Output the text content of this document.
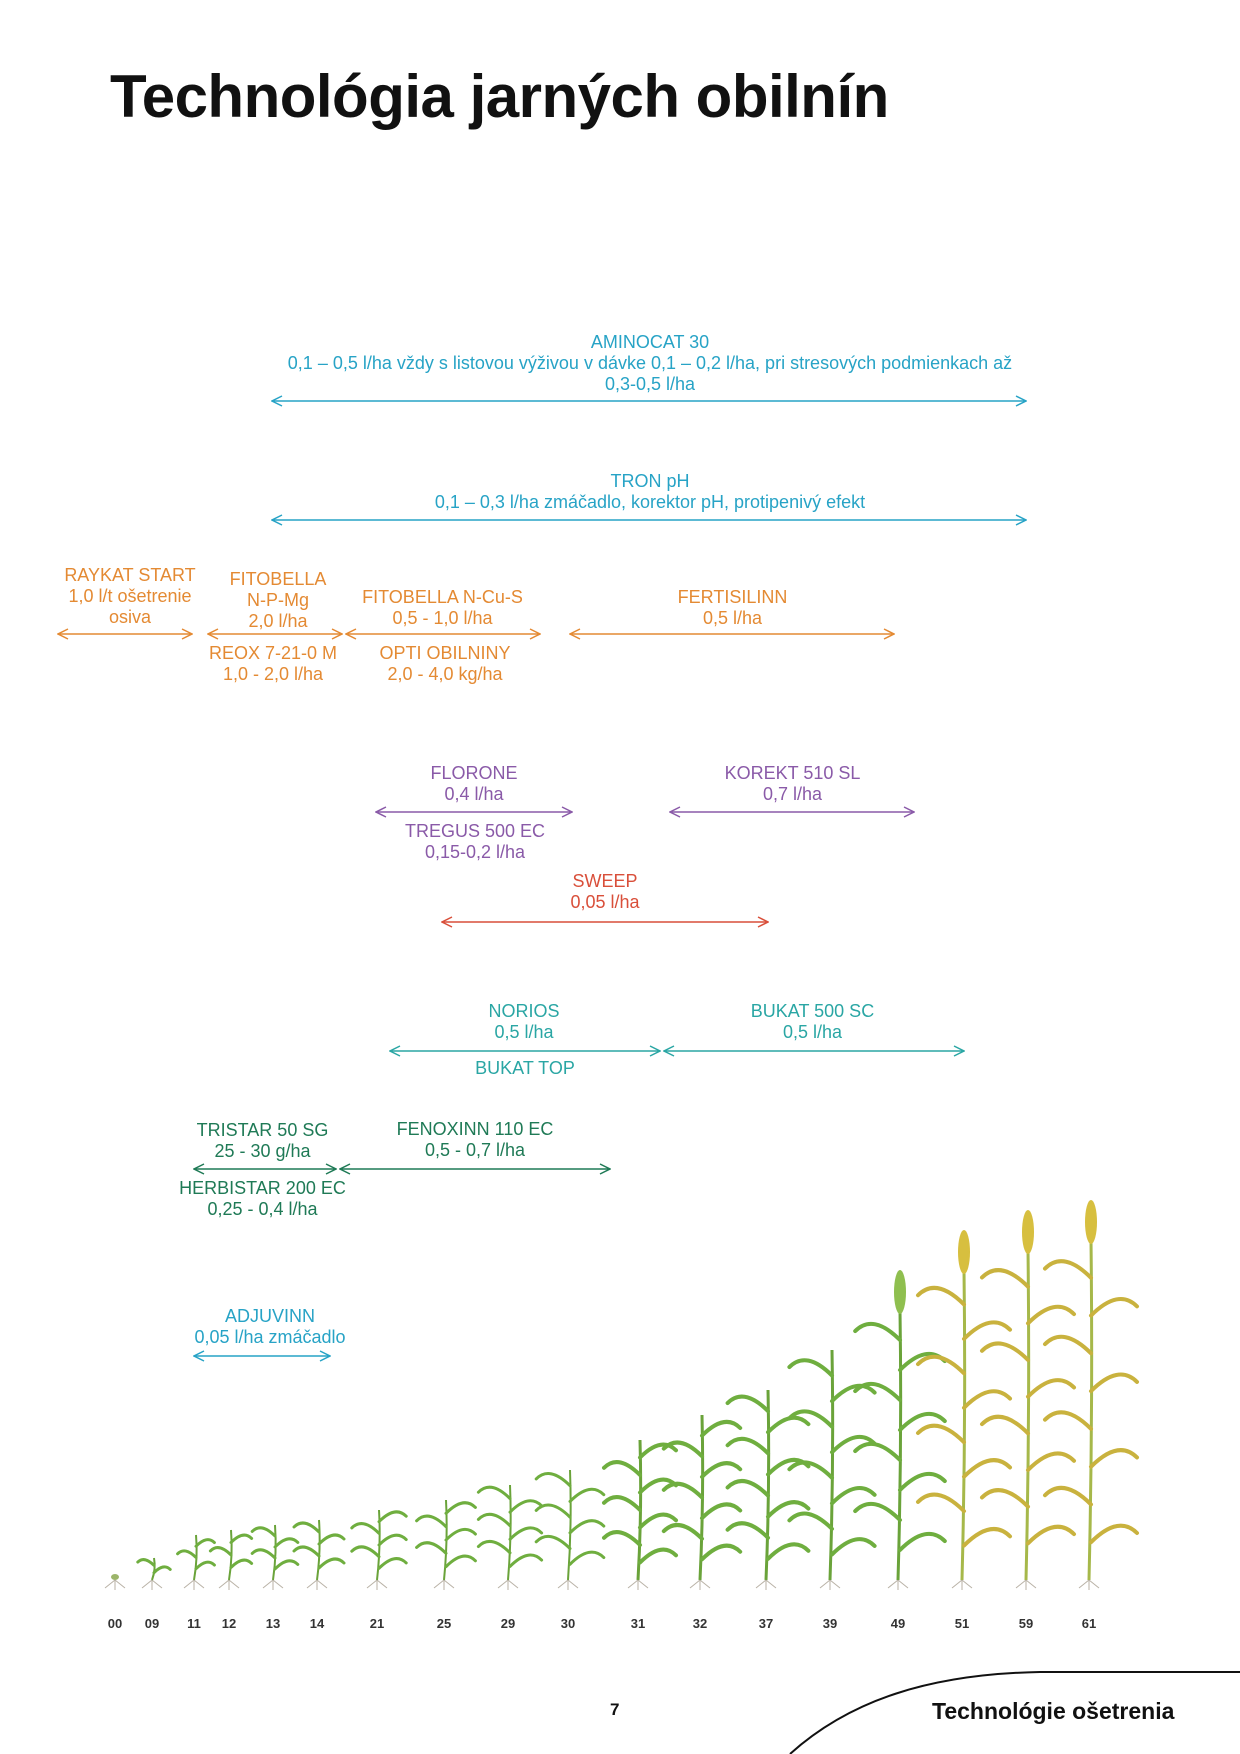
Technológia jarných obilnín
AMINOCAT 30
0,1 – 0,5 l/ha vždy s listovou výživou v dávke 0,1 – 0,2 l/ha, pri stresových podmienkach až
0,3-0,5 l/ha
TRON pH
0,1 – 0,3 l/ha zmáčadlo, korektor pH, protipenivý efekt
RAYKAT START
1,0 l/t ošetrenie
osiva
FITOBELLA
N-P-Mg
2,0 l/ha
FITOBELLA N-Cu-S
0,5 - 1,0 l/ha
FERTISILINN
0,5 l/ha
REOX 7-21-0 M
1,0 - 2,0 l/ha
OPTI OBILNINY
2,0 - 4,0 kg/ha
FLORONE
0,4 l/ha
KOREKT 510 SL
0,7 l/ha
TREGUS 500 EC
0,15-0,2 l/ha
SWEEP
0,05 l/ha
NORIOS
0,5 l/ha
BUKAT 500 SC
0,5 l/ha
BUKAT TOP
TRISTAR 50 SG
25 - 30 g/ha
FENOXINN 110 EC
0,5 - 0,7 l/ha
HERBISTAR 200 EC
0,25 - 0,4 l/ha
ADJUVINN
0,05 l/ha zmáčadlo
00 09 11 12 13 14	21	25	29	30	31	32	37	39	49	51	59	61
7	Technológie ošetrenia
